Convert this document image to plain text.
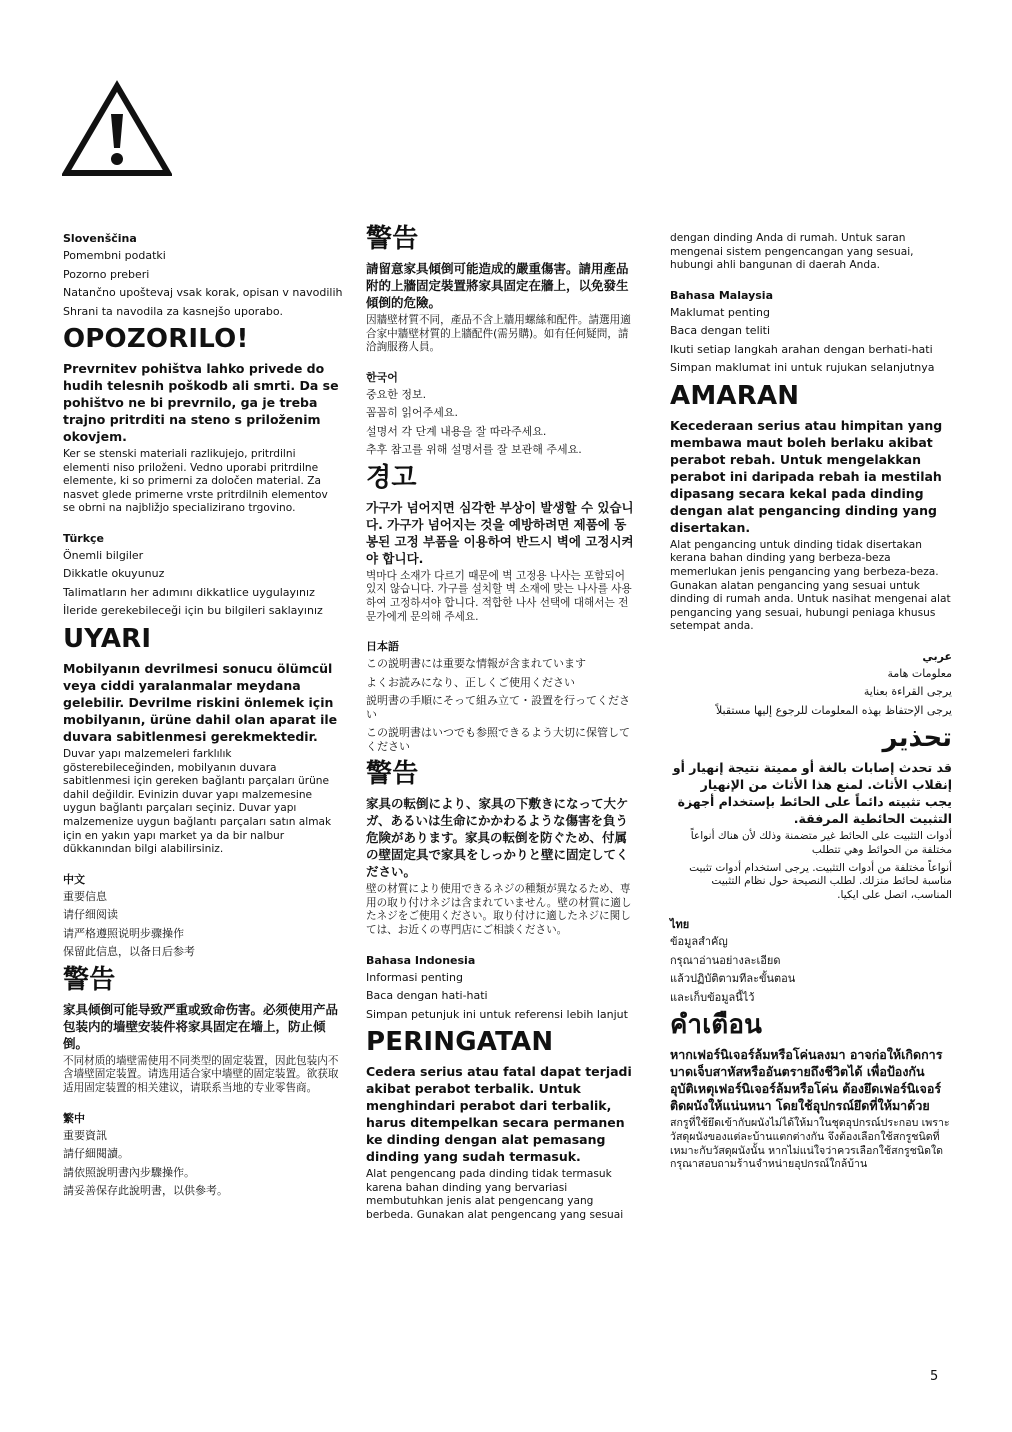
Slovenščina
Pomembni podatki
Pozorno preberi
Natančno upoštevaj vsak korak, opisan v navodilih
Shrani ta navodila za kasnejšo uporabo.
OPOZORILO!
Prevrnitev pohištva lahko privede do hudih telesnih poškodb ali smrti. Da se pohištvo ne bi prevrnilo, ga je treba trajno pritrditi na steno s priloženim okovjem.
Ker se stenski materiali razlikujejo, pritrdilni elementi niso priloženi. Vedno uporabi pritrdilne elemente, ki so primerni za določen material. Za nasvet glede primerne vrste pritrdilnih elementov se obrni na najbližjo specializirano trgovino.
Türkçe
Önemli bilgiler
Dikkatle okuyunuz
Talimatların her adımını dikkatlice uygulayınız
İleride gerekebileceği için bu bilgileri saklayınız
UYARI
Mobilyanın devrilmesi sonucu ölümcül veya ciddi yaralanmalar meydana gelebilir. Devrilme riskini önlemek için mobilyanın, ürüne dahil olan aparat ile duvara sabitlenmesi gerekmektedir.
Duvar yapı malzemeleri farklılık gösterebileceğinden, mobilyanın duvara sabitlenmesi için gereken bağlantı parçaları ürüne dahil değildir. Evinizin duvar yapı malzemesine uygun bağlantı parçaları seçiniz. Duvar yapı malzemenize uygun bağlantı parçaları satın almak için en yakın yapı market ya da bir nalbur dükkanından bilgi alabilirsiniz.
中文
重要信息
请仔细阅读
请严格遵照说明步骤操作
保留此信息，以备日后参考
警告
家具倾倒可能导致严重或致命伤害。必须使用产品包装内的墙壁安装件将家具固定在墙上，防止倾倒。
不同材质的墙壁需使用不同类型的固定装置，因此包装内不含墙壁固定装置。请选用适合家中墙壁的固定装置。欲获取适用固定装置的相关建议，请联系当地的专业零售商。
繁中
重要資訊
請仔細閱讀。
請依照說明書內步驟操作。
請妥善保存此說明書，以供參考。
警告
請留意家具傾倒可能造成的嚴重傷害。請用產品附的上牆固定裝置將家具固定在牆上，以免發生傾倒的危險。
因牆壁材質不同，產品不含上牆用螺絲和配件。請選用適合家中牆壁材質的上牆配件(需另購)。如有任何疑問，請洽詢服務人員。
한국어
중요한 정보.
꼼꼼히 읽어주세요.
설명서 각 단계 내용을 잘 따라주세요.
추후 참고를 위해 설명서를 잘 보관해 주세요.
경고
가구가 넘어지면 심각한 부상이 발생할 수 있습니다. 가구가 넘어지는 것을 예방하려면 제품에 동봉된 고정 부품을 이용하여 반드시 벽에 고정시켜야 합니다.
벽마다 소재가 다르기 때문에 벽 고정용 나사는 포함되어 있지 않습니다. 가구를 설치할 벽 소재에 맞는 나사를 사용하여 고정하셔야 합니다. 적합한 나사 선택에 대해서는 전문가에게 문의해 주세요.
日本語
この説明書には重要な情報が含まれています
よくお読みになり、正しくご使用ください
説明書の手順にそって組み立て・設置を行ってください
この説明書はいつでも参照できるよう大切に保管してください
警告
家具の転倒により、家具の下敷きになって大ケガ、あるいは生命にかかわるような傷害を負う危険があります。家具の転倒を防ぐため、付属の壁固定具で家具をしっかりと壁に固定してください。
壁の材質により使用できるネジの種類が異なるため、専用の取り付けネジは含まれていません。壁の材質に適したネジをご使用ください。取り付けに適したネジに関しては、お近くの専門店にご相談ください。
Bahasa Indonesia
Informasi penting
Baca dengan hati-hati
Simpan petunjuk ini untuk referensi lebih lanjut
PERINGATAN
Cedera serius atau fatal dapat terjadi akibat perabot terbalik. Untuk menghindari perabot dari terbalik, harus ditempelkan secara permanen ke dinding dengan alat pemasang dinding yang sudah termasuk.
Alat pengencang pada dinding tidak termasuk karena bahan dinding yang bervariasi membutuhkan jenis alat pengencang yang berbeda. Gunakan alat pengencang yang sesuai
dengan dinding Anda di rumah. Untuk saran mengenai sistem pengencangan yang sesuai, hubungi ahli bangunan di daerah Anda.
Bahasa Malaysia
Maklumat penting
Baca dengan teliti
Ikuti setiap langkah arahan dengan berhati-hati
Simpan maklumat ini untuk rujukan selanjutnya
AMARAN
Kecederaan serius atau himpitan yang membawa maut boleh berlaku akibat perabot rebah. Untuk mengelakkan perabot ini daripada rebah ia mestilah dipasang secara kekal pada dinding dengan alat pengancing dinding yang disertakan.
Alat pengancing untuk dinding tidak disertakan kerana bahan dinding yang berbeza-beza memerlukan jenis pengancing yang berbeza-beza. Gunakan alatan pengancing yang sesuai untuk dinding di rumah anda. Untuk nasihat mengenai alat pengancing yang sesuai, hubungi peniaga khusus setempat anda.
عربي
معلومات هامة
يرجى القراءة بعناية
يرجى الإحتفاظ بهذه المعلومات للرجوع إليها مستقبلاً
تحذير
قد تحدث إصابات بالغة أو مميتة نتيجة إنهيار أو إنقلاب الأثاث. لمنع هذا الأثاث من الإنهيار يجب تثبيته دائماً على الحائط بإستخدام أجهزة التثبيت الحائطية المرفقة.
أدوات التثبيت على الحائط غير متضمنة وذلك لأن هناك أنواعاً مختلفة من الحوائط وهي تتطلب
أنواعاً مختلفة من أدوات التثبيت. يرجى استخدام أدوات تثبيت مناسبة لحائط منزلك. لطلب النصيحة حول نظام التثبيت المناسب، اتصل على ايكيا.
ไทย
ข้อมูลสำคัญ
กรุณาอ่านอย่างละเอียด
แล้วปฏิบัติตามทีละขั้นตอน
และเก็บข้อมูลนี้ไว้
คำเตือน
หากเฟอร์นิเจอร์ล้มหรือโค่นลงมา อาจก่อให้เกิดการบาดเจ็บสาหัสหรืออันตรายถึงชีวิตได้ เพื่อป้องกันอุบัติเหตุเฟอร์นิเจอร์ล้มหรือโค่น ต้องยึดเฟอร์นิเจอร์ติดผนังให้แน่นหนา โดยใช้อุปกรณ์ยึดที่ให้มาด้วย
สกรูที่ใช้ยึดเข้ากับผนังไม่ได้ให้มาในชุดอุปกรณ์ประกอบ เพราะวัสดุผนังของแต่ละบ้านแตกต่างกัน จึงต้องเลือกใช้สกรูชนิดที่เหมาะกับวัสดุผนังนั้น หากไม่แน่ใจว่าควรเลือกใช้สกรูชนิดใด กรุณาสอบถามร้านจำหน่ายอุปกรณ์ใกล้บ้าน
5
